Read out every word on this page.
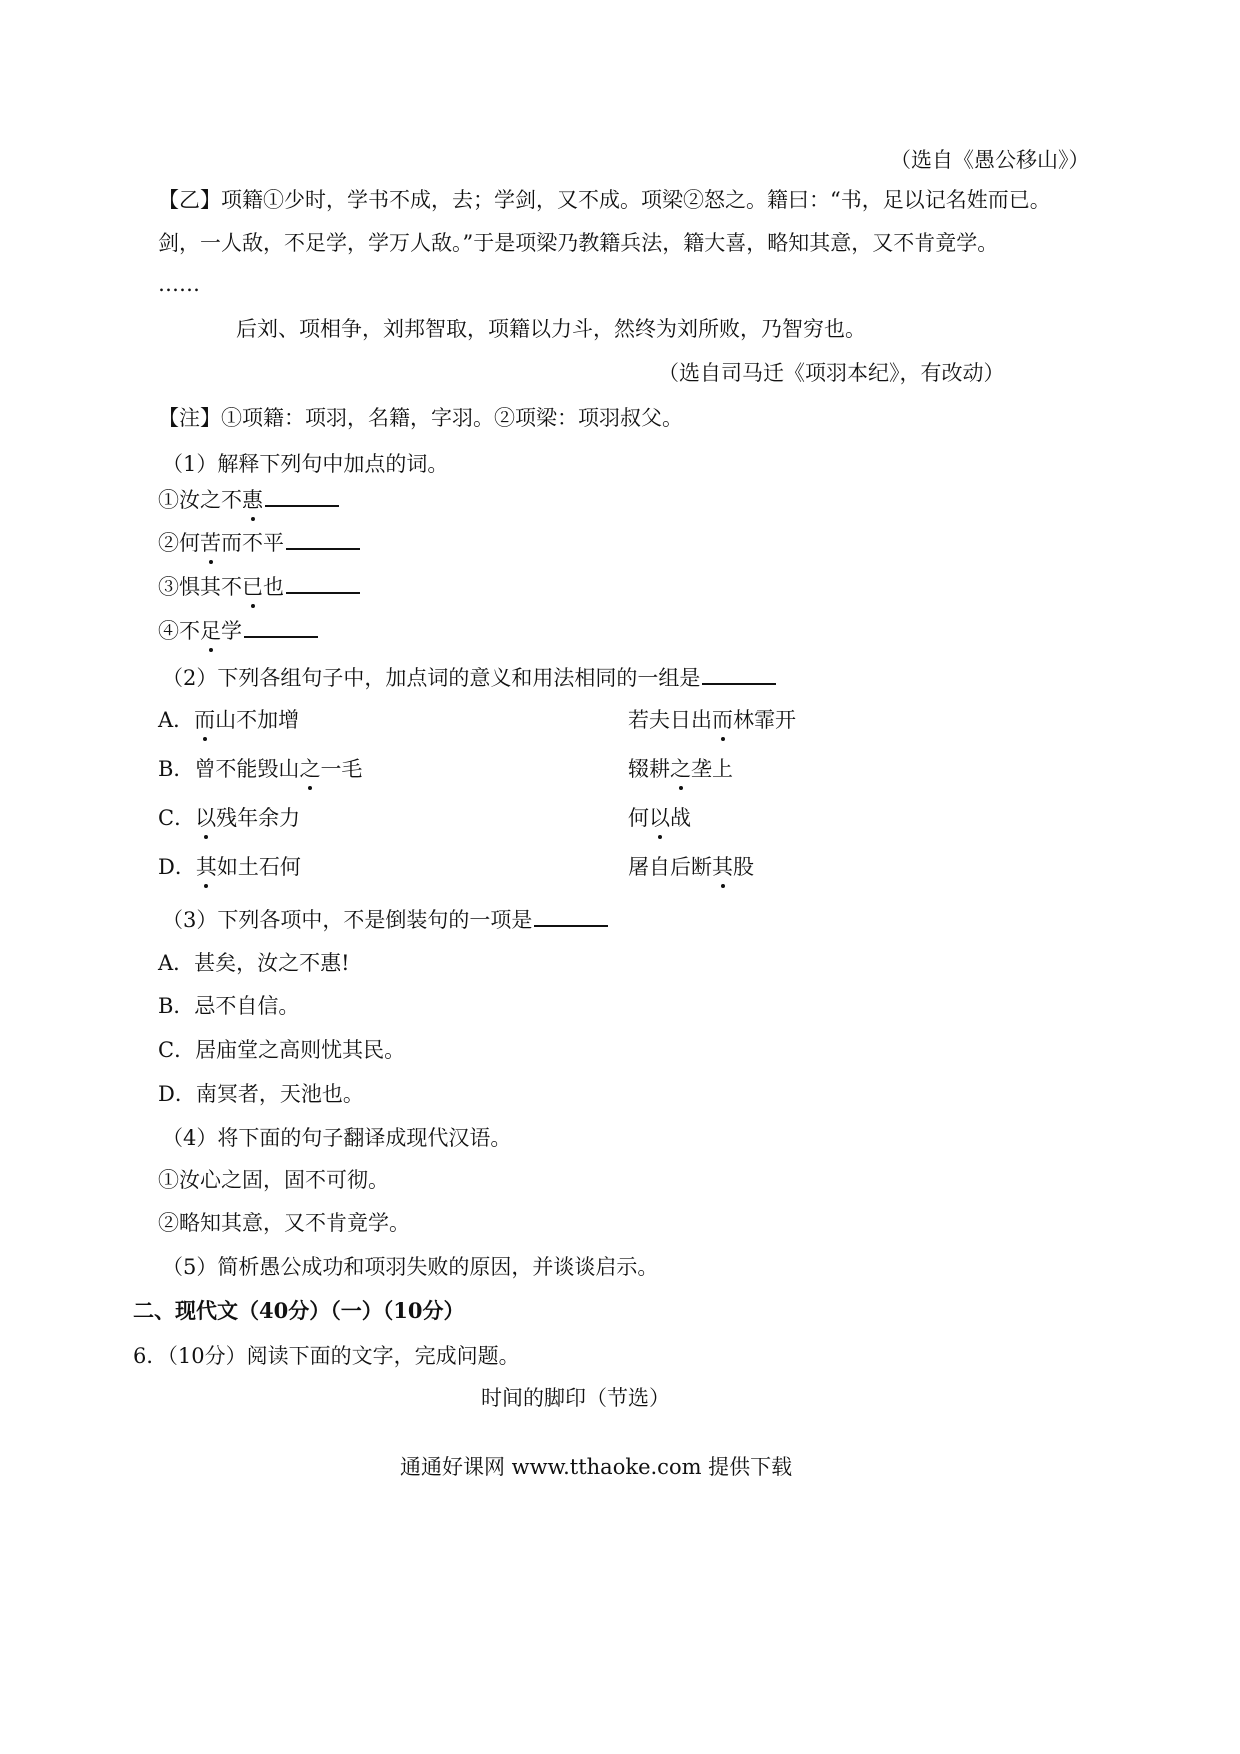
（选自《愚公移山》）
【乙】项籍①少时，学书不成，去；学剑，又不成。项梁②怒之。籍曰：“书，足以记名姓而已。
剑，一人敌，不足学，学万人敌。”于是项梁乃教籍兵法，籍大喜，略知其意，又不肯竟学。
……
后刘、项相争，刘邦智取，项籍以力斗，然终为刘所败，乃智穷也。
（选自司马迁《项羽本纪》，有改动）
【注】①项籍：项羽，名籍，字羽。②项梁：项羽叔父。
（1）解释下列句中加点的词。
①汝之不惠
②何苦而不平
③惧其不已也
④不足学
（2）下列各组句子中，加点词的意义和用法相同的一组是
A．而山不加增	若夫日出而林霏开
B．曾不能毁山之一毛	辍耕之垄上
C．以残年余力	何以战
D．其如土石何	屠自后断其股
（3）下列各项中，不是倒装句的一项是
A．甚矣，汝之不惠!
B．忌不自信。
C．居庙堂之高则忧其民。
D．南冥者，天池也。
（4）将下面的句子翻译成现代汉语。
①汝心之固，固不可彻。
②略知其意，又不肯竟学。
（5）简析愚公成功和项羽失败的原因，并谈谈启示。
二、现代文（40分）（一）（10分）
6．（10分）阅读下面的文字，完成问题。
时间的脚印（节选）
通通好课网 www.tthaoke.com 提供下载
